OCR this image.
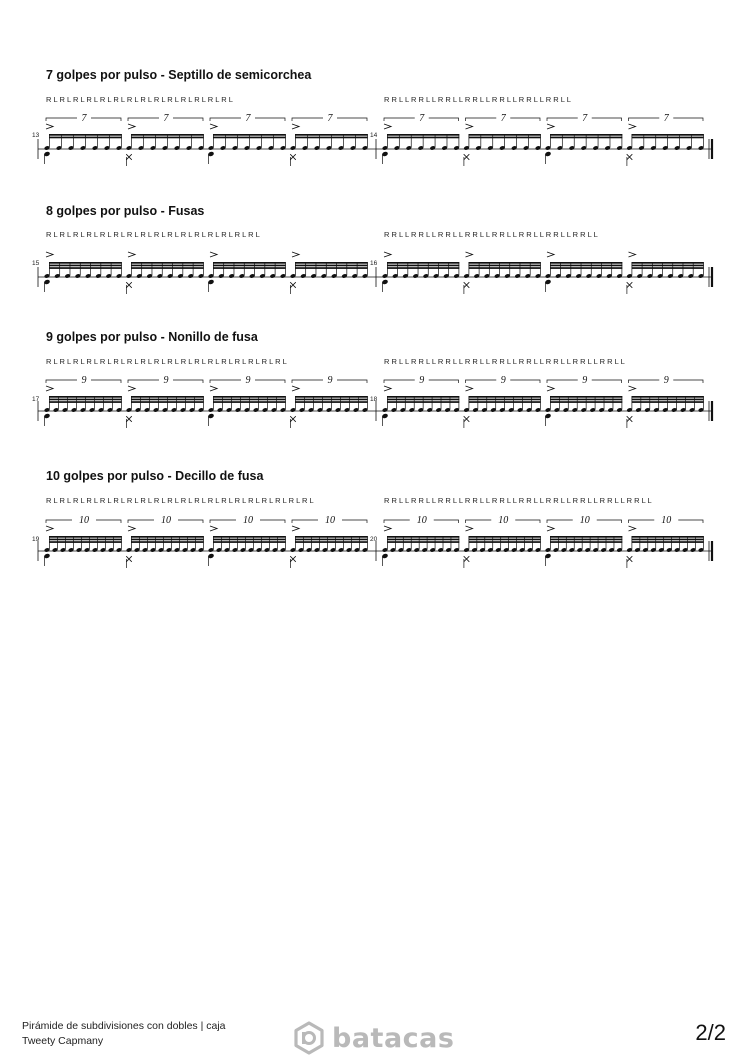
7 golpes por pulso - Septillo de semicorchea
R L R L R L R L R L R L R L R L R L R L R L R L R L R L	R R L L R R L L R R L L R R L L R R L L R R L L R R L L
13	14
7	7	7	7	7	7	7	7
8 golpes por pulso - Fusas
R L R L R L R L R L R L R L R L R L R L R L R L R L R L R L R L	R R L L R R L L R R L L R R L L R R L L R R L L R R L L R R L L
15	16
9 golpes por pulso - Nonillo de fusa
R L R L R L R L R L R L R L R L R L R L R L R L R L R L R L R L R L R L	R R L L R R L L R R L L R R L L R R L L R R L L R R L L R R L L R R L L
17	18
9	9	9	9	9	9	9	9
10 golpes por pulso - Decillo de fusa
R L R L R L R L R L R L R L R L R L R L R L R L R L R L R L R L R L R L R L R L	R R L L R R L L R R L L R R L L R R L L R R L L R R L L R R L L R R L L R R L L
19	20
10	10	10	10	10	10	10	10
Pirámide de subdivisiones con dobles | caja
Tweety Capmany	batacas	2/2
